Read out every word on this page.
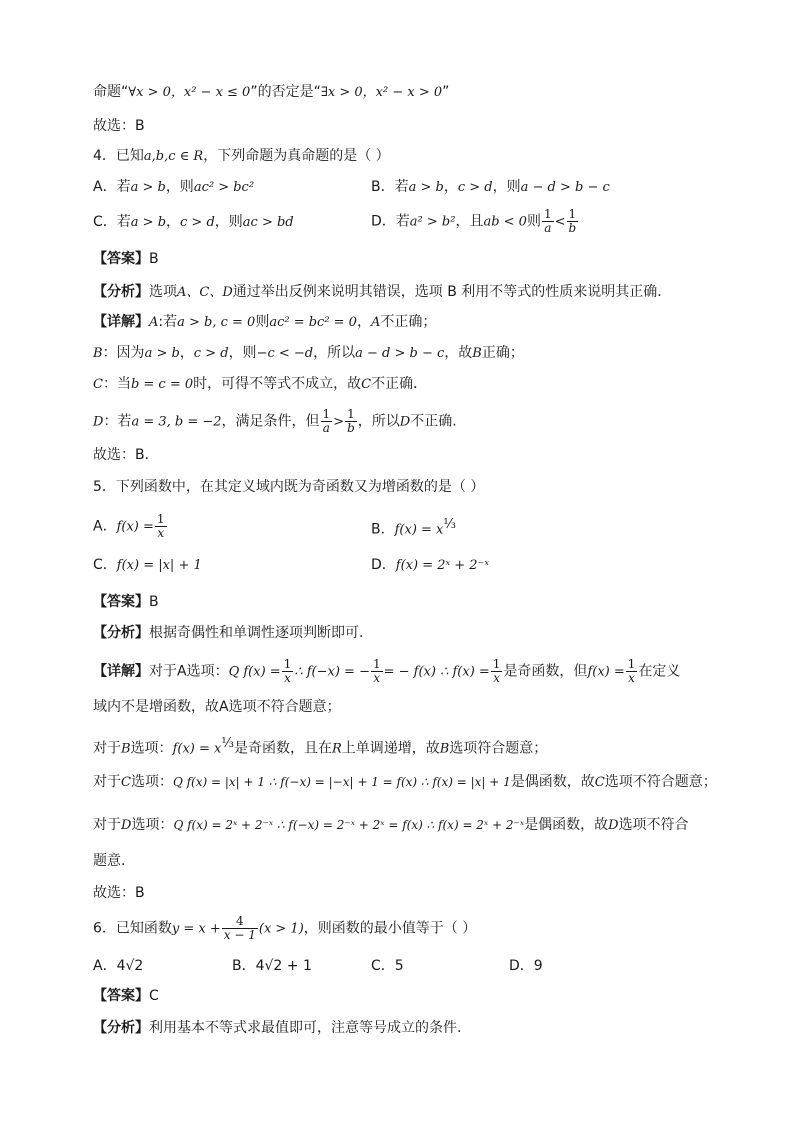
命题“∀x > 0，x² − x ≤ 0”的否定是“∃x > 0，x² − x > 0”
故选：B
4．已知a,b,c ∈ R，下列命题为真命题的是（ ）
A．若a > b，则ac² > bc²	B．若a > b，c > d，则a − d > b − c
C．若a > b，c > d，则ac > bd	D．若a² > b²，且ab < 0则 $\frac{1}{a} < \frac{1}{b}$
【答案】B
【分析】选项A、C、D通过举出反例来说明其错误，选项 B 利用不等式的性质来说明其正确．
【详解】A:若a > b, c = 0则ac² = bc² = 0，A不正确；
B：因为a > b，c > d，则−c < −d，所以a − d > b − c，故B正确；
C：当b = c = 0时，可得不等式不成立，故C不正确．
D：若a = 3, b = −2，满足条件，但 $\frac{1}{a} > \frac{1}{b}$ ，所以D不正确.
故选：B．
5．下列函数中，在其定义域内既为奇函数又为增函数的是（ ）
A．$f(x) = \frac{1}{x}$	B．$f(x) = x^{\frac{1}{3}}$
C．f(x) = |x| + 1	D．f(x) = 2ˣ + 2⁻ˣ
【答案】B
【分析】根据奇偶性和单调性逐项判断即可.
【详解】对于A选项：Q $f(x) = \frac{1}{x}$ ∴ f(−x) = − $\frac{1}{x}$ = − f(x) ∴ $f(x) = \frac{1}{x}$ 是奇函数，但$f(x) = \frac{1}{x}$ 在定义
域内不是增函数，故A选项不符合题意；
对于B选项：$f(x) = x^{\frac{1}{3}}$是奇函数，且在R上单调递增，故B选项符合题意；
对于C选项：Q f(x) = |x| + 1 ∴ f(−x) = |−x| + 1 = f(x) ∴ f(x) = |x| + 1是偶函数，故C选项不符合题意；
对于D选项：Q f(x) = 2ˣ + 2⁻ˣ ∴ f(−x) = 2⁻ˣ + 2ˣ = f(x) ∴ f(x) = 2ˣ + 2⁻ˣ是偶函数，故D选项不符合
题意．
故选：B
6．已知函数$y = x + \frac{4}{x - 1} (x > 1)$，则函数的最小值等于（ ）
A．4√2	B．4√2 + 1	C．5	D．9
【答案】C
【分析】利用基本不等式求最值即可，注意等号成立的条件.
